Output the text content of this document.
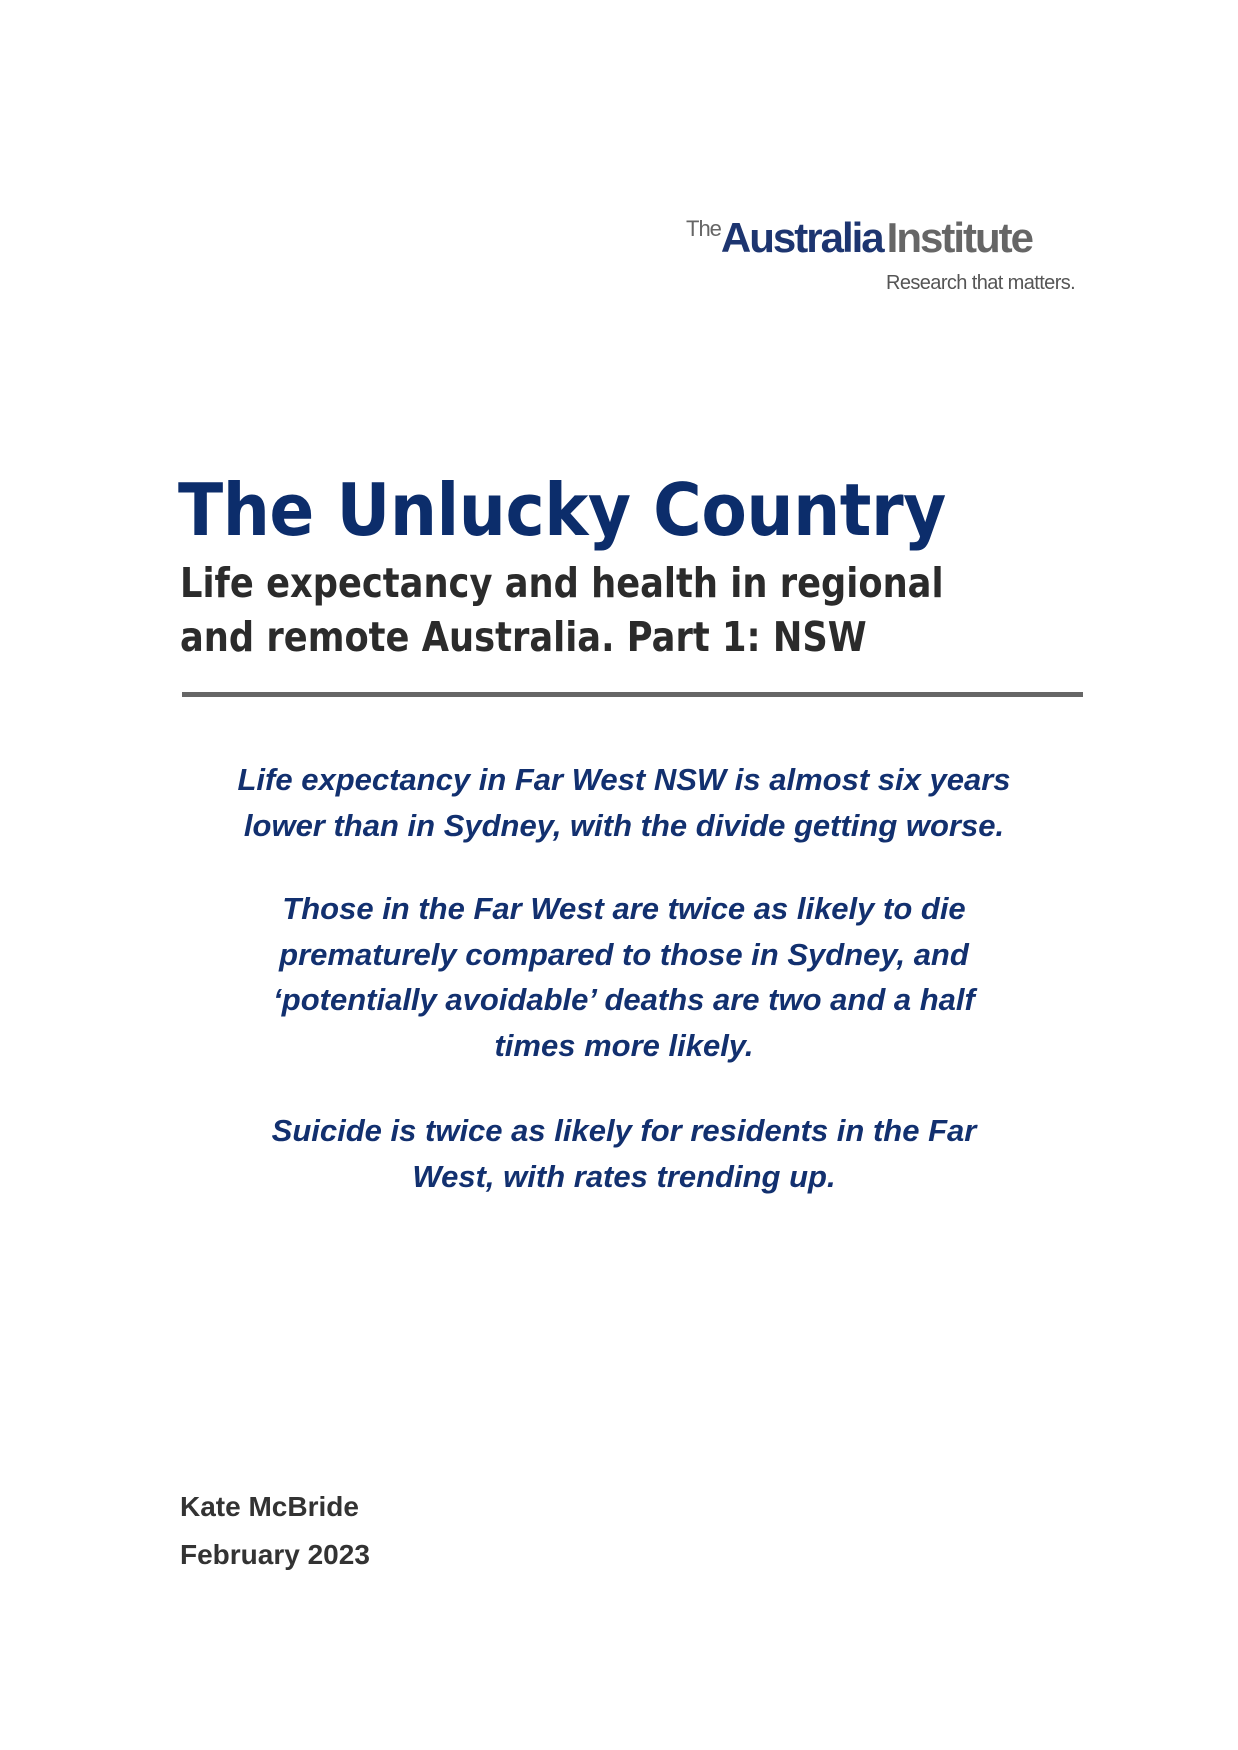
TheAustraliaInstitute
Research that matters.
The Unlucky Country
Life expectancy and health in regional
and remote Australia. Part 1: NSW
Life expectancy in Far West NSW is almost six years
lower than in Sydney, with the divide getting worse.
Those in the Far West are twice as likely to die
prematurely compared to those in Sydney, and
‘potentially avoidable’ deaths are two and a half
times more likely.
Suicide is twice as likely for residents in the Far
West, with rates trending up.
Kate McBride
February 2023
